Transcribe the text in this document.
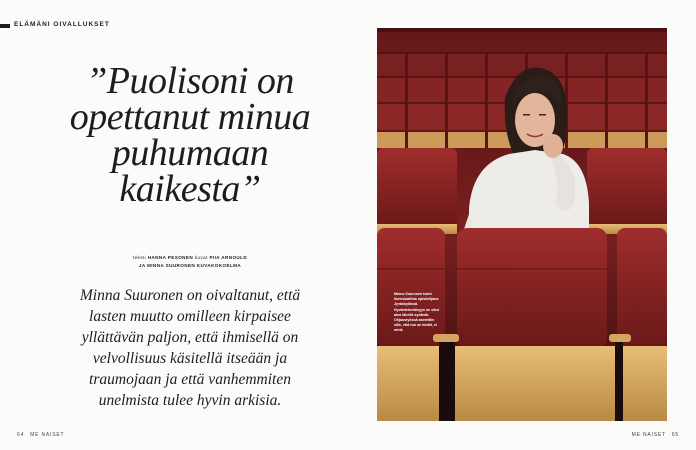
ELÄMÄNI OIVALLUKSET
”Puolisoni on
opettanut minua
puhumaan
kaikesta”
teksti HANNA PESONEN kuvat PIIA ARNOULD
JA MINNA SUURONEN KUVAKOKOELMA

Minna Suuronen on oivaltanut, että lasten muutto omilleen kirpaisee yllättävän paljon, että ihmisellä on velvollisuus käsitellä itseään ja traumojaan ja että vanhemmiten unelmista tulee hyvin arkisia.

Minna Suuronen toimi lisensiaattina opiskelijana Jyväskylässä. Hyväntekeväisyys on ollut aina lähellä sydäntä. Ohjaustyössä asetettiin sille, että tuo on teidät, ei minä.
64 ME NAISET	ME NAISET 65
